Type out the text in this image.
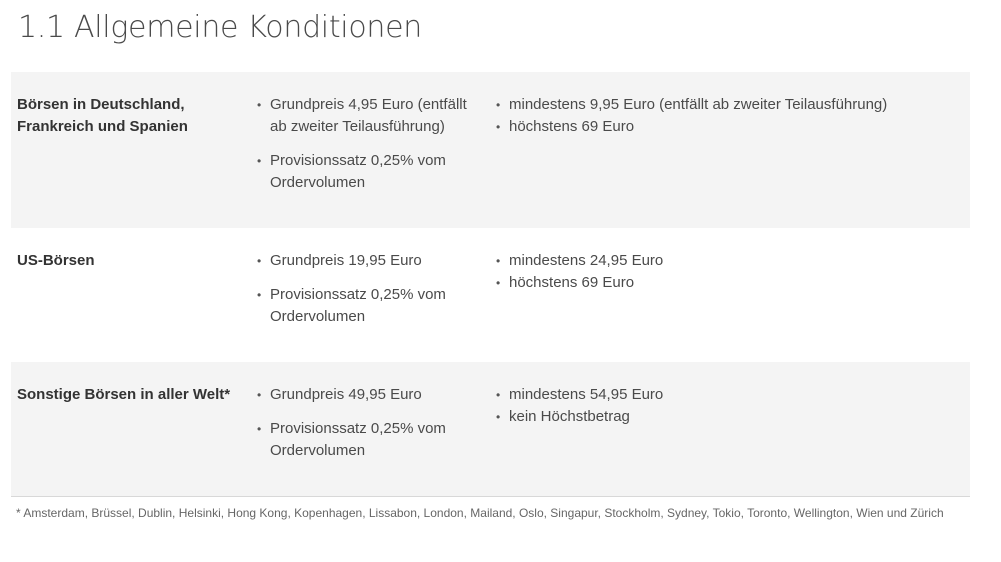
1.1 Allgemeine Konditionen

Börsen in Deutschland, Frankreich und Spanien

• Grundpreis 4,95 Euro (entfällt ab zweiter Teilausführung)
• Provisionssatz 0,25% vom Ordervolumen
• mindestens 9,95 Euro (entfällt ab zweiter Teilausführung)
• höchstens 69 Euro

US-Börsen	• Grundpreis 19,95 Euro
• Provisionssatz 0,25% vom Ordervolumen
• mindestens 24,95 Euro
• höchstens 69 Euro

Sonstige Börsen in aller Welt*	• Grundpreis 49,95 Euro
• Provisionssatz 0,25% vom Ordervolumen
• mindestens 54,95 Euro
• kein Höchstbetrag

* Amsterdam, Brüssel, Dublin, Helsinki, Hong Kong, Kopenhagen, Lissabon, London, Mailand, Oslo, Singapur, Stockholm, Sydney, Tokio, Toronto, Wellington, Wien und Zürich
